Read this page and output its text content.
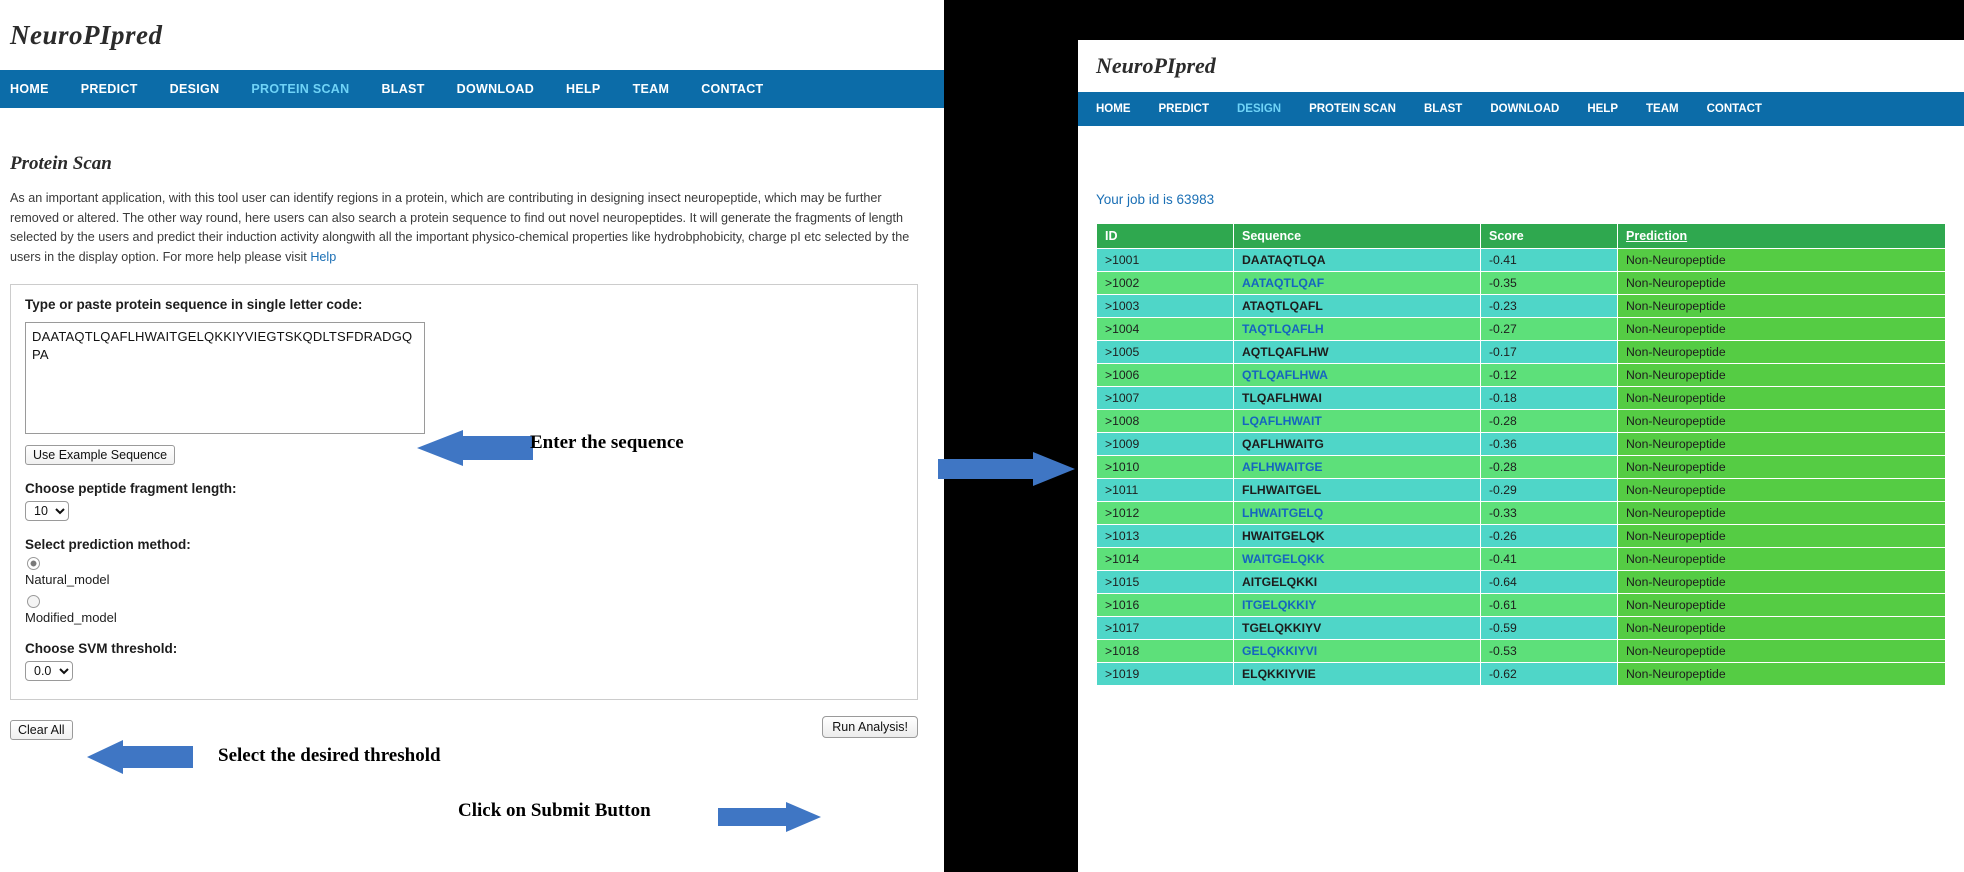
NeuroPIpred
HOME	PREDICT	DESIGN	PROTEIN SCAN	BLAST	DOWNLOAD	HELP	TEAM	CONTACT
Protein Scan
As an important application, with this tool user can identify regions in a protein, which are contributing in designing insect neuropeptide, which may be further removed or altered. The other way round, here users can also search a protein sequence to find out novel neuropeptides. It will generate the fragments of length selected by the users and predict their induction activity alongwith all the important physico-chemical properties like hydrobphobicity, charge pI etc selected by the users in the display option. For more help please visit Help
Type or paste protein sequence in single letter code:
DAATAQTLQAFLHWAITGELQKKIYVIEGTSKQDLTSFDRADGQPA
Use Example Sequence
Choose peptide fragment length:
10
Select prediction method:
Natural_model
Modified_model
Choose SVM threshold:
0.0
Clear All	Run Analysis!
Enter the sequence
Select the desired threshold
Click on Submit Button
NeuroPIpred
HOME PREDICT DESIGN PROTEIN SCAN BLAST DOWNLOAD HELP TEAM CONTACT
Your job id is 63983
ID	Sequence	Score	Prediction
>1001	DAATAQTLQA	-0.41	Non-Neuropeptide
>1002	AATAQTLQAF	-0.35	Non-Neuropeptide
>1003	ATAQTLQAFL	-0.23	Non-Neuropeptide
>1004	TAQTLQAFLH	-0.27	Non-Neuropeptide
>1005	AQTLQAFLHW	-0.17	Non-Neuropeptide
>1006	QTLQAFLHWA	-0.12	Non-Neuropeptide
>1007	TLQAFLHWAI	-0.18	Non-Neuropeptide
>1008	LQAFLHWAIT	-0.28	Non-Neuropeptide
>1009	QAFLHWAITG	-0.36	Non-Neuropeptide
>1010	AFLHWAITGE	-0.28	Non-Neuropeptide
>1011	FLHWAITGEL	-0.29	Non-Neuropeptide
>1012	LHWAITGELQ	-0.33	Non-Neuropeptide
>1013	HWAITGELQK	-0.26	Non-Neuropeptide
>1014	WAITGELQKK	-0.41	Non-Neuropeptide
>1015	AITGELQKKI	-0.64	Non-Neuropeptide
>1016	ITGELQKKIY	-0.61	Non-Neuropeptide
>1017	TGELQKKIYV	-0.59	Non-Neuropeptide
>1018	GELQKKIYVI	-0.53	Non-Neuropeptide
>1019	ELQKKIYVIE	-0.62	Non-Neuropeptide
